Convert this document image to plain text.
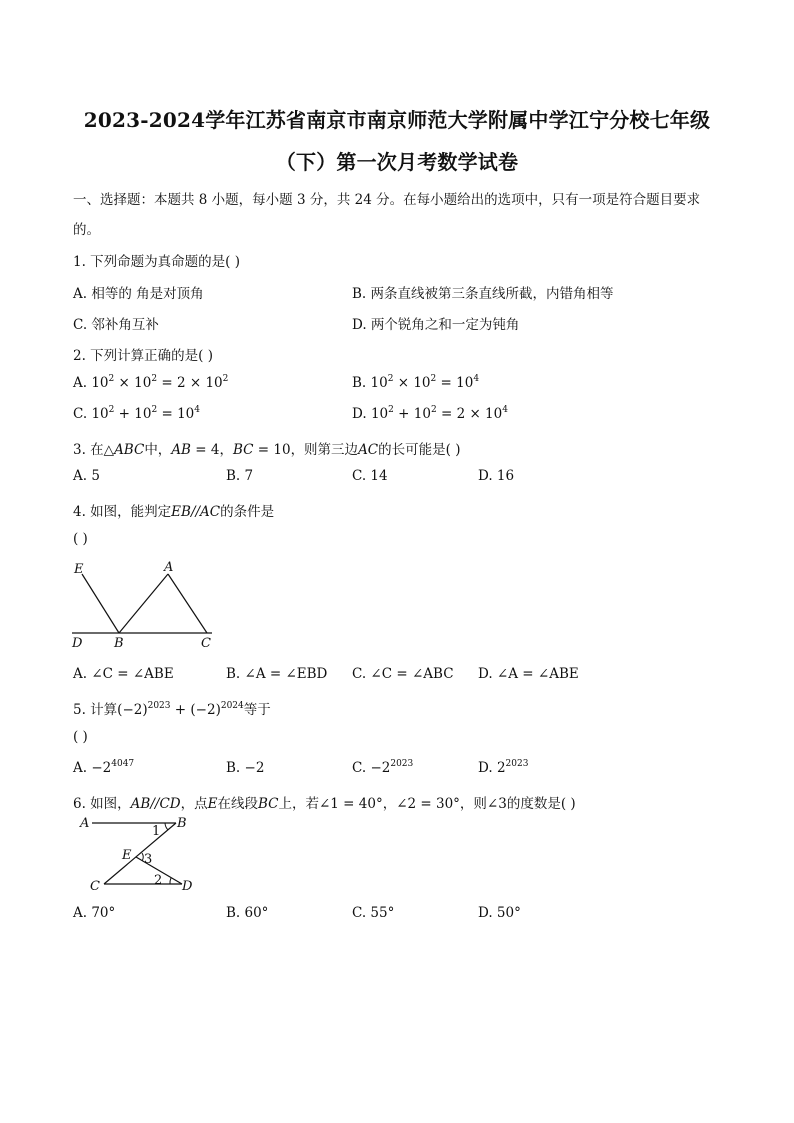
2023-2024学年江苏省南京市南京师范大学附属中学江宁分校七年级
（下）第一次月考数学试卷
一、选择题：本题共 8 小题，每小题 3 分，共 24 分。在每小题给出的选项中，只有一项是符合题目要求
的。
1. 下列命题为真命题的是( )
A. 相等的 角是对顶角	B. 两条直线被第三条直线所截，内错角相等
C. 邻补角互补	D. 两个锐角之和一定为钝角
2. 下列计算正确的是( )
A. $10^2 \times 10^2 = 2 \times 10^2$	B. $10^2 \times 10^2 = 10^4$
C. $10^2 + 10^2 = 10^4$	D. $10^2 + 10^2 = 2 \times 10^4$
3. 在△ABC中，AB = 4，BC = 10，则第三边AC的长可能是( )
A. 5	B. 7	C. 14	D. 16
4. 如图，能判定EB//AC的条件是
( )
E	A
D B	C
A. ∠C = ∠ABE	B. ∠A = ∠EBD C. ∠C = ∠ABC D. ∠A = ∠ABE
5. 计算$(-2)^{2023} + (-2)^{2024}$等于
( )
A. $-2^{4047}$	B. −2	C. $-2^{2023}$	D. $2^{2023}$
6. 如图，AB//CD，点E在线段BC上，若∠1 = 40°，∠2 = 30°，则∠3的度数是( )
A	B
E
C	D
1
3
2
A. 70°	B. 60°	C. 55°	D. 50°
